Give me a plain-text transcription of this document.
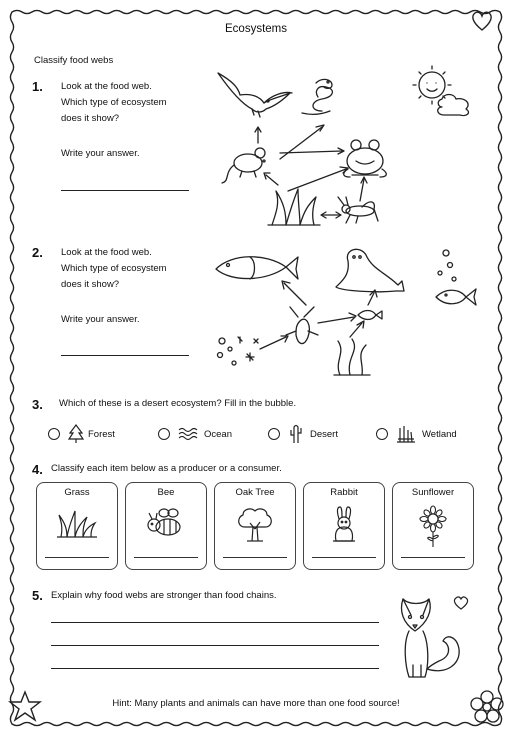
Ecosystems
Classify food webs
1. Look at the food web.
Which type of ecosystem
does it show?
Write your answer.
2. Look at the food web.
Which type of ecosystem
does it show?
Write your answer.
3. Which of these is a desert ecosystem? Fill in the bubble.
Forest	Ocean	Desert	Wetland
4. Classify each item below as a producer or a consumer.
Grass	Bee	Oak Tree	Rabbit	Sunflower
5. Explain why food webs are stronger than food chains.
Hint: Many plants and animals can have more than one food source!
